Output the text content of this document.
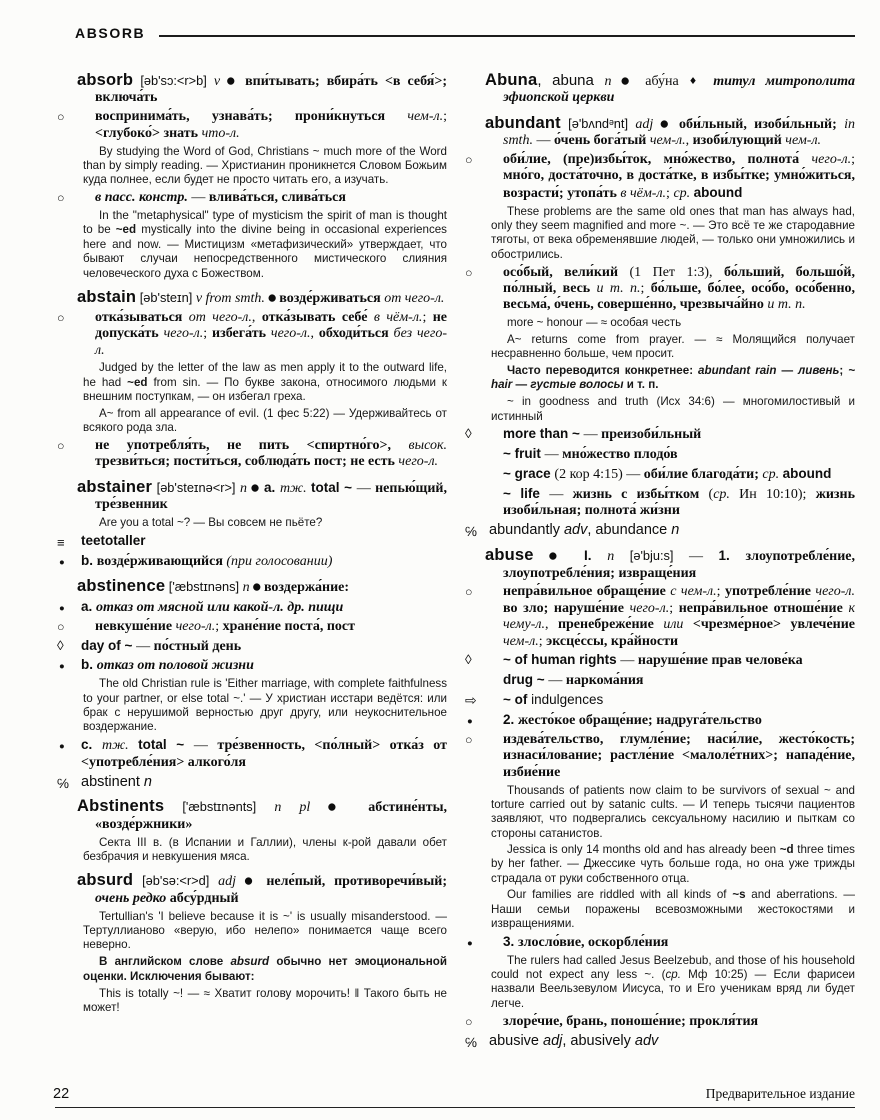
ABSORB
absorb [əb'sɔ:<r>b] v ● впи́тывать; вбира́ть <в себя́>; включа́ть
○ воспринима́ть, узнава́ть; прони́кнуться чем-л.; <глубоко́> знать что-л.
By studying the Word of God, Christians ~ much more of the Word than by simply reading. — Христианин проникнется Словом Божьим куда полнее, если будет не просто читать его, а изучать.
○ в пасс. констр. — влива́ться, слива́ться
In the "metaphysical" type of mysticism the spirit of man is thought to be ~ed mystically into the divine being in occasional experiences here and now. — Мистицизм «метафизический» утверждает, что бывают случаи непосредственного мистического слияния человеческого духа с Божеством.
abstain [əb'steɪn] v from smth. ● возде́рживаться от чего-л.
○ отка́зываться от чего-л., отка́зывать себе́ в чём-л.; не допуска́ть чего-л.; избега́ть чего-л., обходи́ться без чего-л.
Judged by the letter of the law as men apply it to the outward life, he had ~ed from sin. — По букве закона, относимого людьми к внешним поступкам, — он избегал греха.
A~ from all appearance of evil. (1 фес 5:22) — Удерживайтесь от всякого рода зла.
○ не употребля́ть, не пить <спиртно́го>, высок. трезви́ться; пости́ться, соблюда́ть пост; не есть чего-л.
abstainer [əb'steɪnə<r>] n ● a. тж. total ~ — непью́щий, тре́звенник
Are you a total ~? — Вы совсем не пьёте?
≡ teetotaller
● b. возде́рживающийся (при голосовании)
abstinence ['æbstɪnəns] n ● воздержа́ние:
● a. отказ от мясной или какой-л. др. пищи
○ невкуше́ние чего-л.; хране́ние поста́, пост
◊ day of ~ — по́стный день
● b. отказ от половой жизни
The old Christian rule is 'Either marriage, with complete faithfulness to your partner, or else total ~.' — У христиан исстари ведётся: или брак с нерушимой верностью друг другу, или неукоснительное воздержание.
● c. тж. total ~ — тре́звенность, <по́лный> отка́з от <употребле́ния> алкого́ля
℅ abstinent n
Abstinents ['æbstɪnənts] n pl ● абстине́нты, «возде́ржники»
Секта III в. (в Испании и Галлии), члены к-рой давали обет безбрачия и невкушения мяса.
absurd [əb'sə:<r>d] adj ● неле́пый, противоречи́вый; очень редко абсу́рдный
Tertullian's 'I believe because it is ~' is usually misanderstood. — Тертуллианово «верую, ибо нелепо» понимается чаще всего неверно.
В английском слове absurd обычно нет эмоциональной оценки. Исключения бывают:
This is totally ~! — ≈ Хватит голову морочить! ‖ Такого быть не может!
Abuna, abuna n ● абу́на ♦ титул митрополита эфиопской церкви
abundant [ə'bʌndᵊnt] adj ● оби́льный, изоби́льный; in smth. — о́чень бога́тый чем-л., изоби́лующий чем-л.
○ оби́лие, (пре)избы́ток, мно́жество, полнота́ чего-л.; мно́го, доста́точно, в доста́тке, в избы́тке; умно́житься, возрасти́; утопа́ть в чём-л.; ср. abound
These problems are the same old ones that man has always had, only they seem magnified and more ~. — Это всё те же стародавние тяготы, от века обременявшие людей, — только они умножились и обострились.
○ осо́бый, вели́кий (1 Пет 1:3), бо́льший, большо́й, по́лный, весь и т. п.; бо́льше, бо́лее, осо́бо, осо́бенно, весьма́, о́чень, соверше́нно, чрезвыча́йно и т. п.
more ~ honour — ≈ особая честь
A~ returns come from prayer. — ≈ Молящийся получает несравненно больше, чем просит.
Часто переводится конкретнее: abundant rain — ливень; ~ hair — густые волосы и т. п.
~ in goodness and truth (Исх 34:6) — многомилостивый и истинный
◊ more than ~ — преизоби́льный
~ fruit — мно́жество плодо́в
~ grace (2 кор 4:15) — оби́лие благода́ти; ср. abound
~ life — жизнь с избы́тком (ср. Ин 10:10); жизнь изоби́льная; полнота́ жи́зни
℅ abundantly adv, abundance n
abuse ● I. n [ə'bju:s] — 1. злоупотребле́ние, злоупотребле́ния; извраще́ния
○ непра́вильное обраще́ние с чем-л.; употребле́ние чего-л. во зло; наруше́ние чего-л.; непра́вильное отноше́ние к чему-л., пренебреже́ние или <чрезме́рное> увлече́ние чем-л.; эксце́ссы, кра́йности
◊ ~ of human rights — наруше́ние прав челове́ка
drug ~ — наркома́ния
⇨ ~ of indulgences
● 2. жесто́кое обраще́ние; надруга́тельство
○ издева́тельство, глумле́ние; наси́лие, жесто́кость; изнаси́лование; растле́ние <малоле́тних>; нападе́ние, избие́ние
Thousands of patients now claim to be survivors of sexual ~ and torture carried out by satanic cults. — И теперь тысячи пациентов заявляют, что подвергались сексуальному насилию и пыткам со стороны сатанистов.
Jessica is only 14 months old and has already been ~d three times by her father. — Джессике чуть больше года, но она уже трижды страдала от руки собственного отца.
Our families are riddled with all kinds of ~s and aberrations. — Наши семьи поражены всевозможными жестокостями и извращениями.
● 3. злосло́вие, оскорбле́ния
The rulers had called Jesus Beelzebub, and those of his household could not expect any less ~. (ср. Мф 10:25) — Если фарисеи назвали Веельзевулом Иисуса, то и Его ученикам вряд ли будет легче.
○ злоре́чие, брань, поноше́ние; прокля́тия
℅ abusive adj, abusively adv
22	Предварительное издание
